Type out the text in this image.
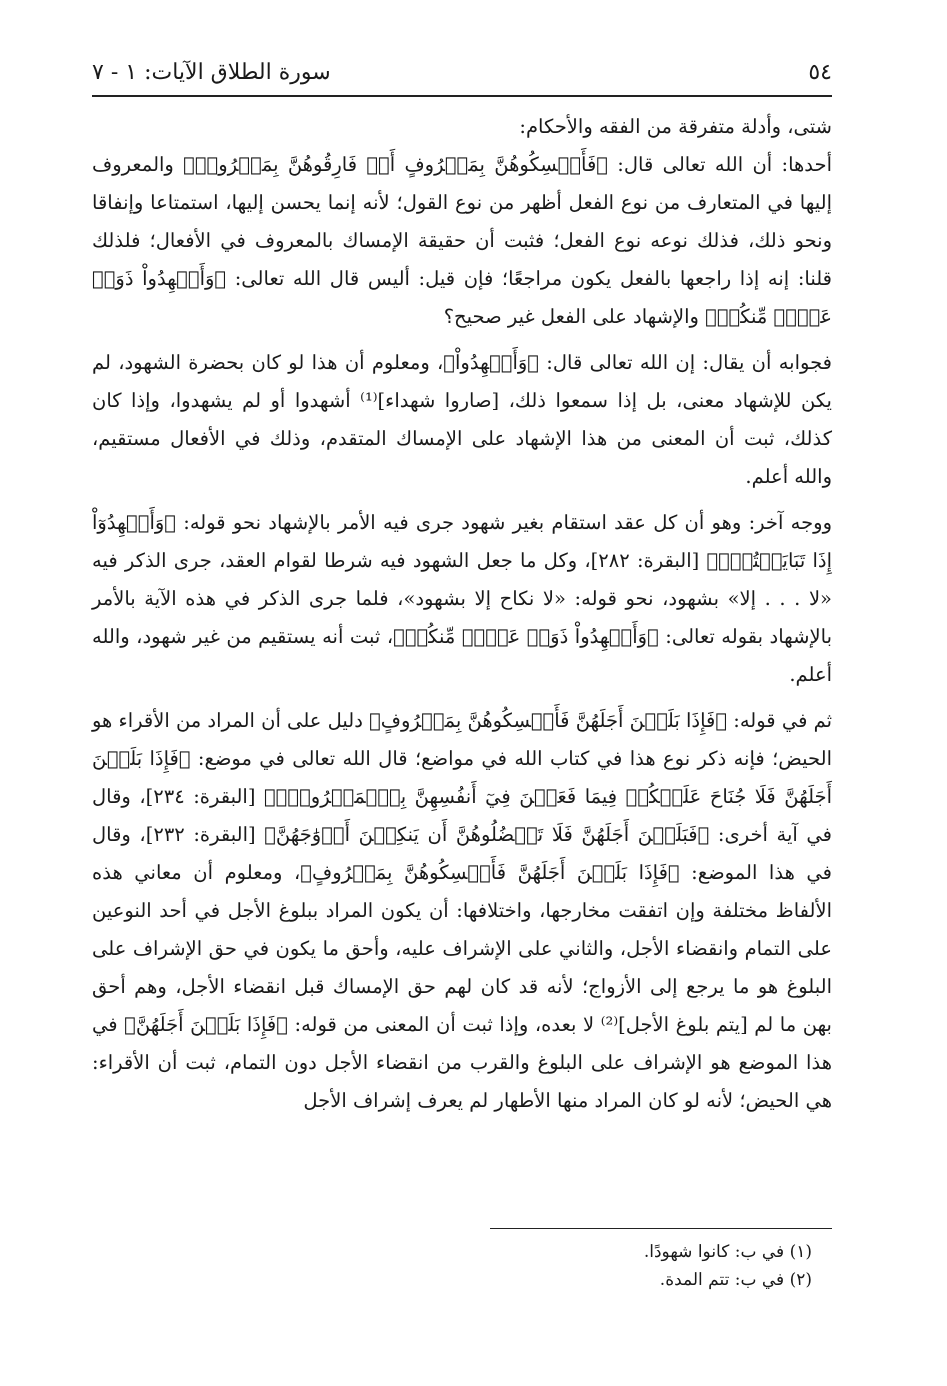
٥٤
سورة الطلاق الآيات: ١ - ٧

شتى، وأدلة متفرقة من الفقه والأحكام:

أحدها: أن الله تعالى قال: ﴿فَأَمۡسِكُوهُنَّ بِمَعۡرُوفٍ أَوۡ فَارِقُوهُنَّ بِمَعۡرُوفٖ﴾ والمعروف إليها في المتعارف من نوع الفعل أظهر من نوع القول؛ لأنه إنما يحسن إليها، استمتاعا وإنفاقا ونحو ذلك، فذلك نوعه نوع الفعل؛ فثبت أن حقيقة الإمساك بالمعروف في الأفعال؛ فلذلك قلنا: إنه إذا راجعها بالفعل يكون مراجعًا؛ فإن قيل: أليس قال الله تعالى: ﴿وَأَشۡهِدُواْ ذَوَيۡ عَدۡلٖ مِّنكُمۡ﴾ والإشهاد على الفعل غير صحيح؟

فجوابه أن يقال: إن الله تعالى قال: ﴿وَأَشۡهِدُواْ﴾، ومعلوم أن هذا لو كان بحضرة الشهود، لم يكن للإشهاد معنى، بل إذا سمعوا ذلك، [صاروا شهداء]⁽¹⁾ أشهدوا أو لم يشهدوا، وإذا كان كذلك، ثبت أن المعنى من هذا الإشهاد على الإمساك المتقدم، وذلك في الأفعال مستقيم، والله أعلم.

ووجه آخر: وهو أن كل عقد استقام بغير شهود جرى فيه الأمر بالإشهاد نحو قوله: ﴿وَأَشۡهِدُوٓاْ إِذَا تَبَايَعۡتُمۡۚ﴾ [البقرة: ٢٨٢]، وكل ما جعل الشهود فيه شرطا لقوام العقد، جرى الذكر فيه «لا . . . إلا» بشهود، نحو قوله: «لا نكاح إلا بشهود»، فلما جرى الذكر في هذه الآية بالأمر بالإشهاد بقوله تعالى: ﴿وَأَشۡهِدُواْ ذَوَيۡ عَدۡلٖ مِّنكُمۡ﴾، ثبت أنه يستقيم من غير شهود، والله أعلم.

ثم في قوله: ﴿فَإِذَا بَلَغۡنَ أَجَلَهُنَّ فَأَمۡسِكُوهُنَّ بِمَعۡرُوفٍ﴾ دليل على أن المراد من الأقراء هو الحيض؛ فإنه ذكر نوع هذا في كتاب الله في مواضع؛ قال الله تعالى في موضع: ﴿فَإِذَا بَلَغۡنَ أَجَلَهُنَّ فَلَا جُنَاحَ عَلَيۡكُمۡ فِيمَا فَعَلۡنَ فِيٓ أَنفُسِهِنَّ بِٱلۡمَعۡرُوفِۗ﴾ [البقرة: ٢٣٤]، وقال في آية أخرى: ﴿فَبَلَغۡنَ أَجَلَهُنَّ فَلَا تَعۡضُلُوهُنَّ أَن يَنكِحۡنَ أَزۡوَٰجَهُنَّ﴾ [البقرة: ٢٣٢]، وقال في هذا الموضع: ﴿فَإِذَا بَلَغۡنَ أَجَلَهُنَّ فَأَمۡسِكُوهُنَّ بِمَعۡرُوفٍ﴾، ومعلوم أن معاني هذه الألفاظ مختلفة وإن اتفقت مخارجها، واختلافها: أن يكون المراد ببلوغ الأجل في أحد النوعين على التمام وانقضاء الأجل، والثاني على الإشراف عليه، وأحق ما يكون في حق الإشراف على البلوغ هو ما يرجع إلى الأزواج؛ لأنه قد كان لهم حق الإمساك قبل انقضاء الأجل، وهم أحق بهن ما لم [يتم بلوغ الأجل]⁽²⁾ لا بعده، وإذا ثبت أن المعنى من قوله: ﴿فَإِذَا بَلَغۡنَ أَجَلَهُنَّ﴾ في هذا الموضع هو الإشراف على البلوغ والقرب من انقضاء الأجل دون التمام، ثبت أن الأقراء: هي الحيض؛ لأنه لو كان المراد منها الأطهار لم يعرف إشراف الأجل

(١) في ب: كانوا شهودًا.

(٢) في ب: تتم المدة.
